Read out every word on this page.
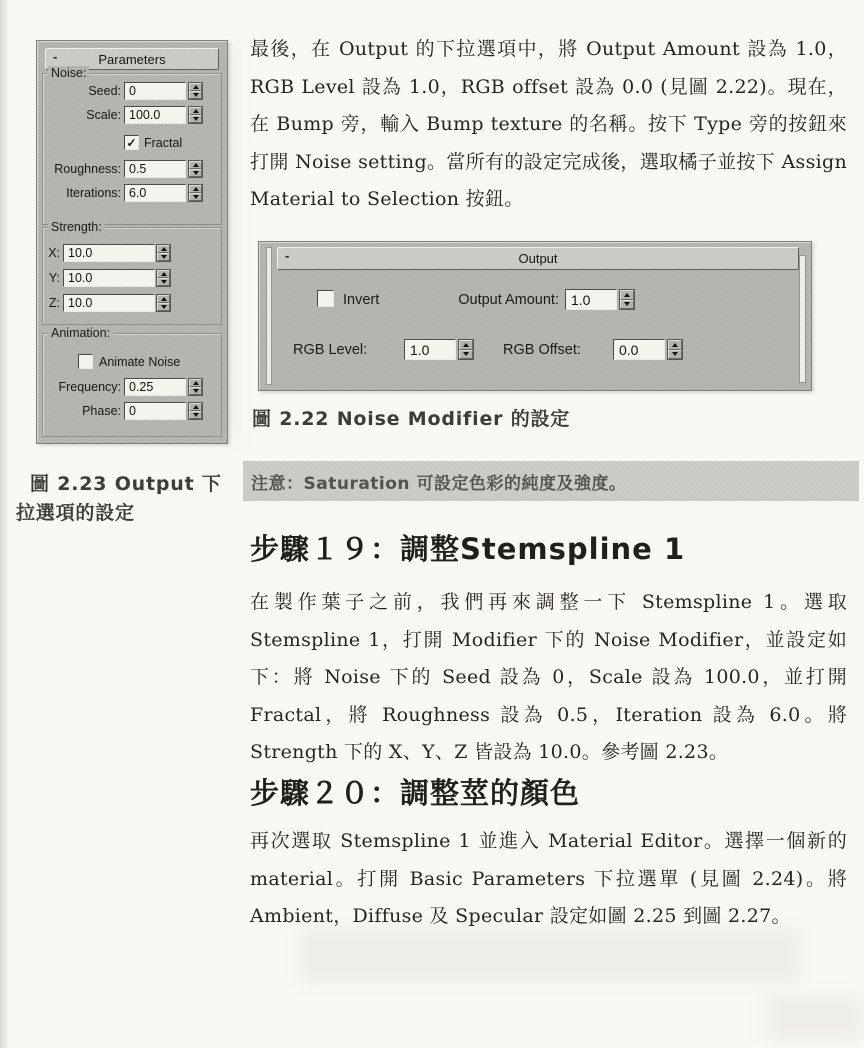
-	Parameters
Noise:
Seed: 0
Scale: 100.0
✓ Fractal
Roughness: 0.5
Iterations: 6.0
Strength:
X: 10.0
Y: 10.0
Z: 10.0
Animation:
Animate Noise
Frequency: 0.25
Phase: 0
最後，在 Output 的下拉選項中，將 Output Amount 設為 1.0，RGB Level 設為 1.0，RGB offset 設為 0.0 (見圖 2.22)。現在，在 Bump 旁，輸入 Bump texture 的名稱。按下 Type 旁的按鈕來打開 Noise setting。當所有的設定完成後，選取橘子並按下 Assign Material to Selection 按鈕。
-	Output
Invert	Output Amount: 1.0
RGB Level:	1.0	RGB Offset:	0.0
圖 2.22 Noise Modifier 的設定
圖 2.23 Output 下
拉選項的設定
注意：Saturation 可設定色彩的純度及強度。
步驟１９：調整Stemspline 1
在製作葉子之前，我們再來調整一下 Stemspline 1。選取 Stemspline 1，打開 Modifier 下的 Noise Modifier，並設定如下：將 Noise 下的 Seed 設為 0，Scale 設為 100.0，並打開 Fractal，將 Roughness 設為 0.5，Iteration 設為 6.0。將 Strength 下的 X、Y、Z 皆設為 10.0。參考圖 2.23。
步驟２０：調整莖的顏色
再次選取 Stemspline 1 並進入 Material Editor。選擇一個新的 material。打開 Basic Parameters 下拉選單 (見圖 2.24)。將 Ambient，Diffuse 及 Specular 設定如圖 2.25 到圖 2.27。
